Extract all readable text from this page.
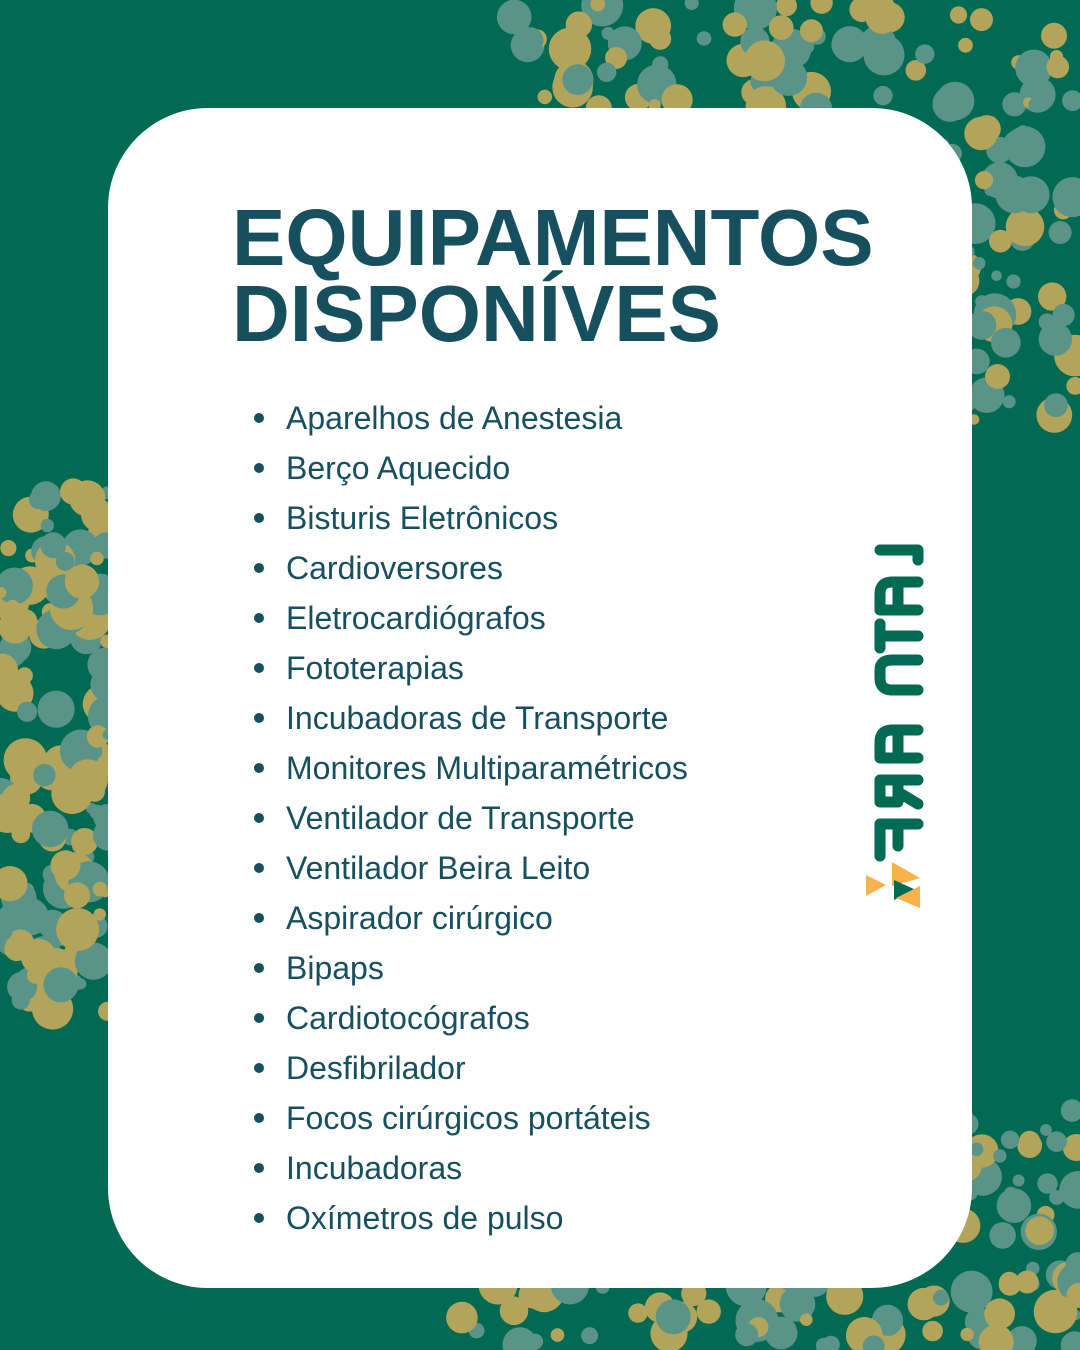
EQUIPAMENTOS
DISPONÍVES
Aparelhos de Anestesia
Berço Aquecido
Bisturis Eletrônicos
Cardioversores
Eletrocardiógrafos
Fototerapias
Incubadoras de Transporte
Monitores Multiparamétricos
Ventilador de Transporte
Ventilador Beira Leito
Aspirador cirúrgico
Bipaps
Cardiotocógrafos
Desfibrilador
Focos cirúrgicos portáteis
Incubadoras
Oxímetros de pulso
